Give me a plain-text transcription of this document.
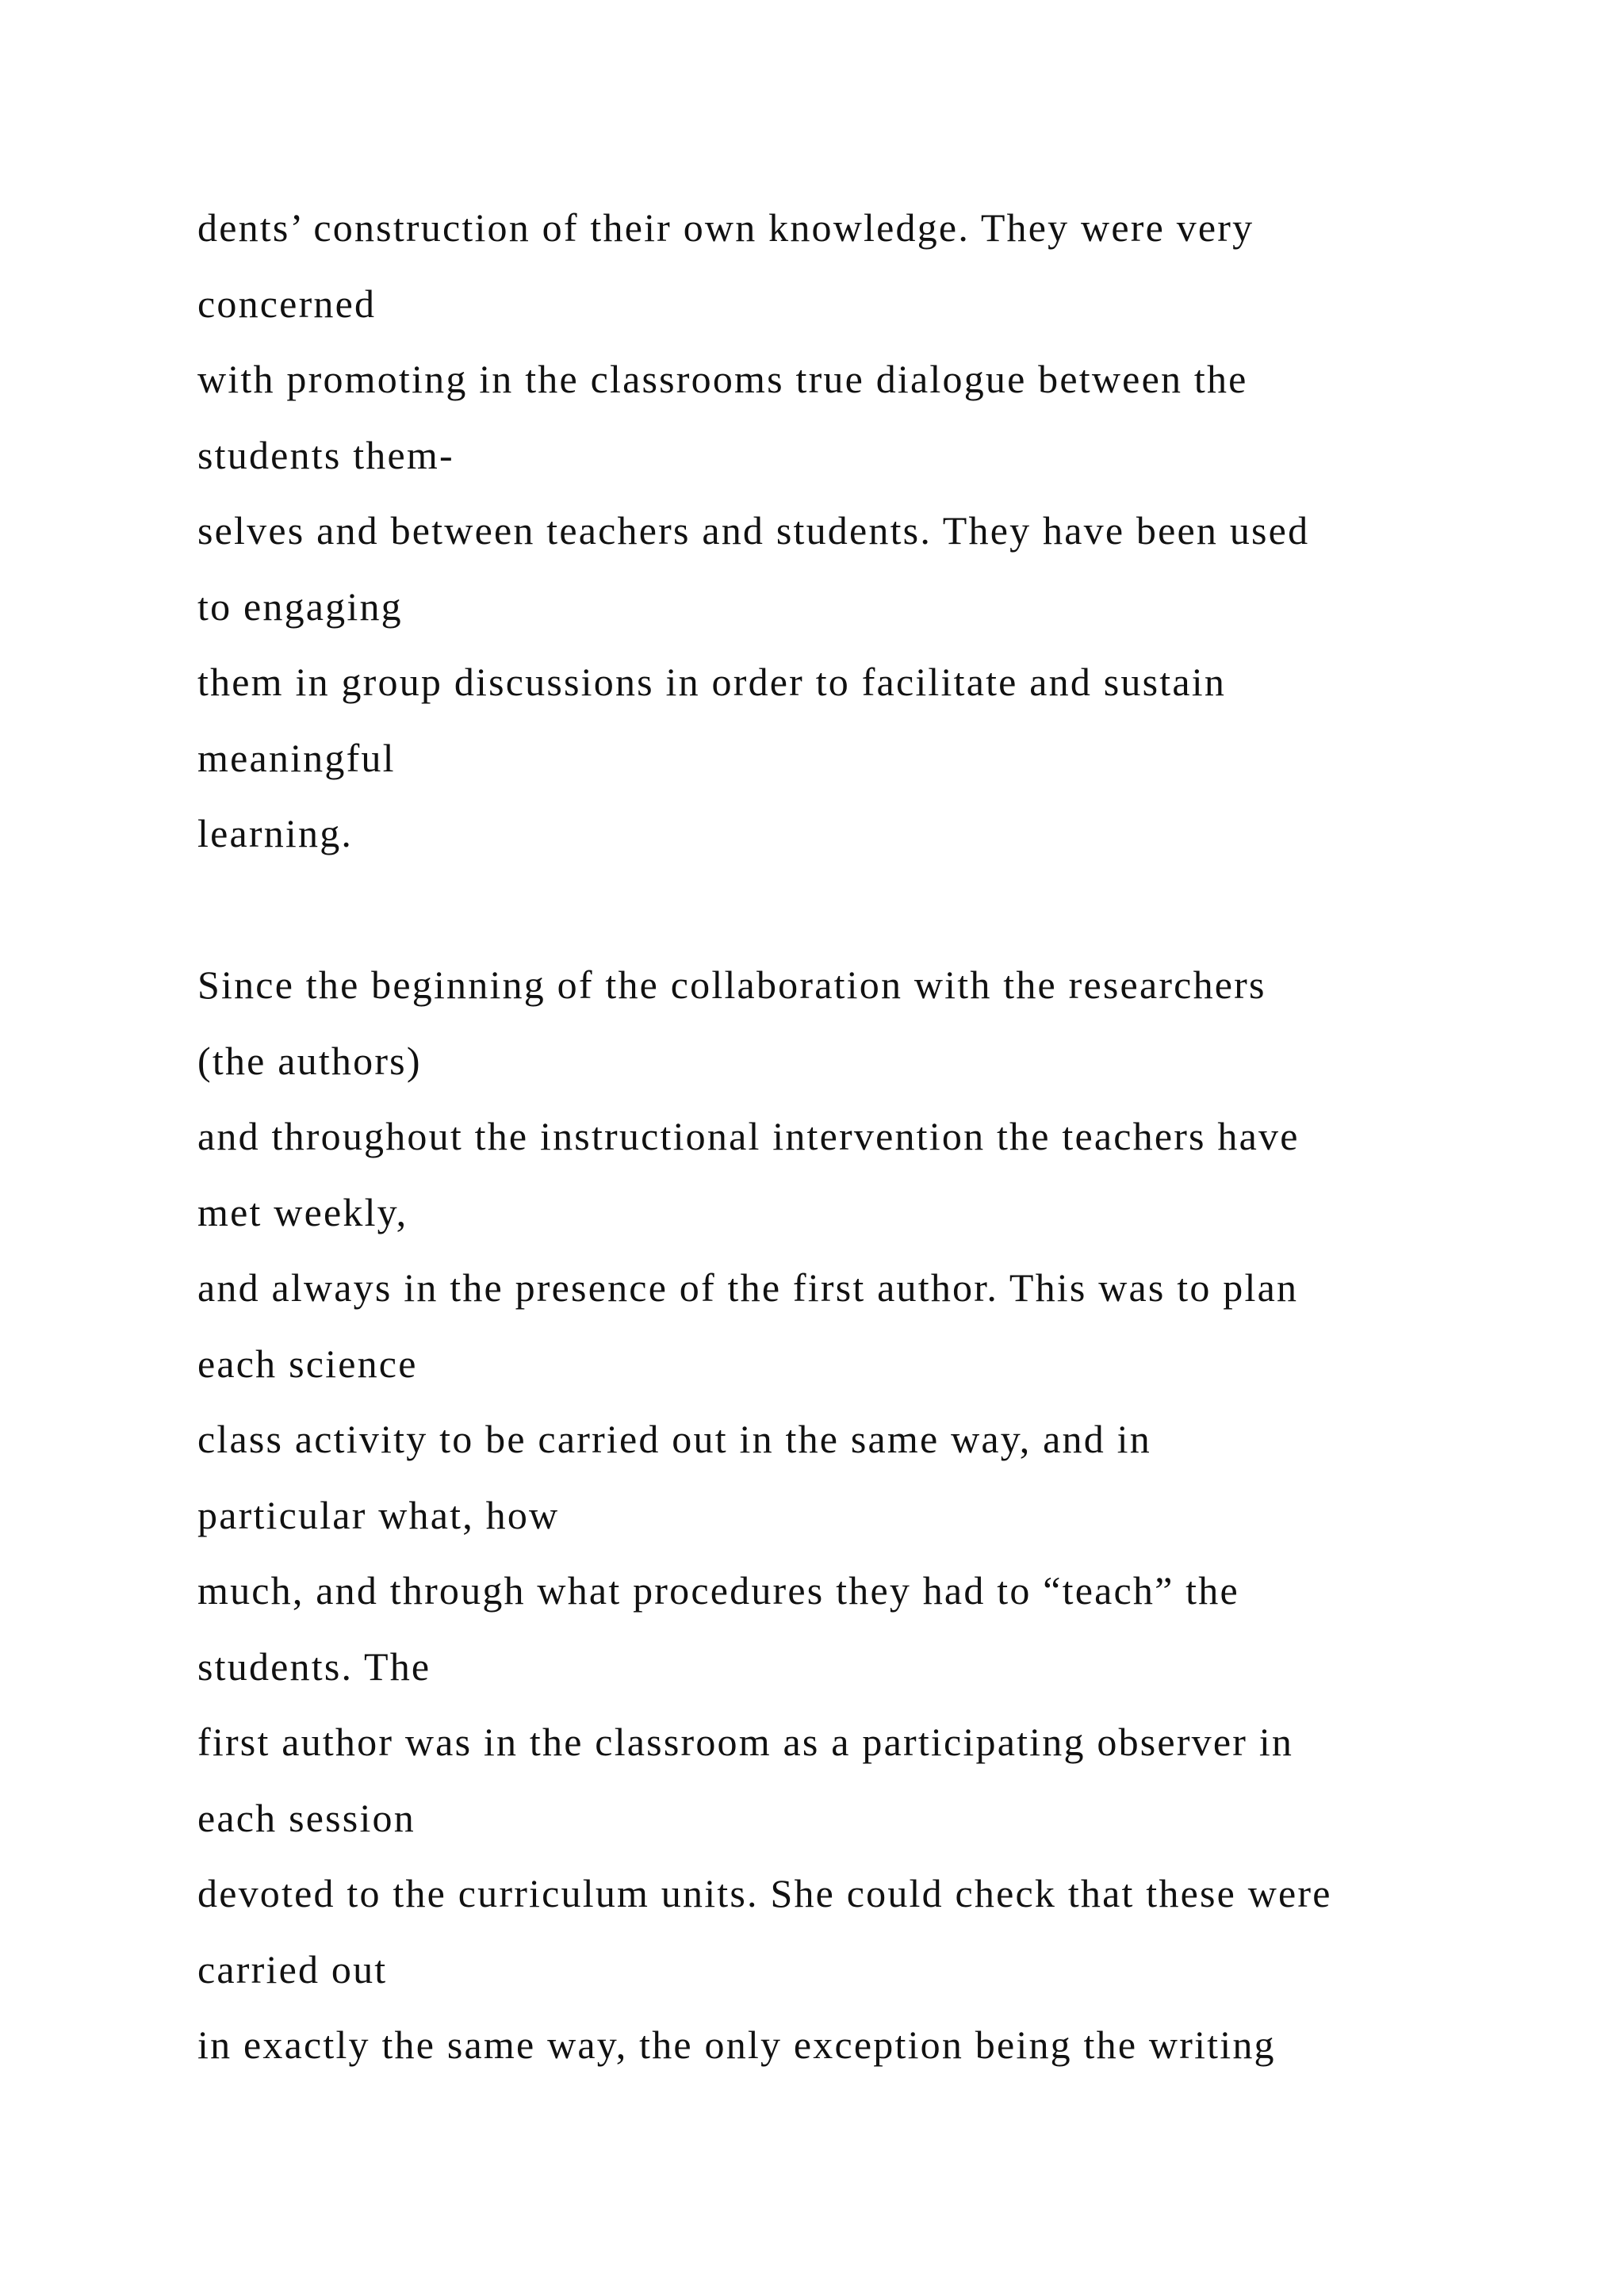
dents’ construction of their own knowledge. They were very
concerned
with promoting in the classrooms true dialogue between the
students them-
selves and between teachers and students. They have been used
to engaging
them in group discussions in order to facilitate and sustain
meaningful
learning.
Since the beginning of the collaboration with the researchers
(the authors)
and throughout the instructional intervention the teachers have
met weekly,
and always in the presence of the first author. This was to plan
each science
class activity to be carried out in the same way, and in
particular what, how
much, and through what procedures they had to “teach” the
students. The
first author was in the classroom as a participating observer in
each session
devoted to the curriculum units. She could check that these were
carried out
in exactly the same way, the only exception being the writing
